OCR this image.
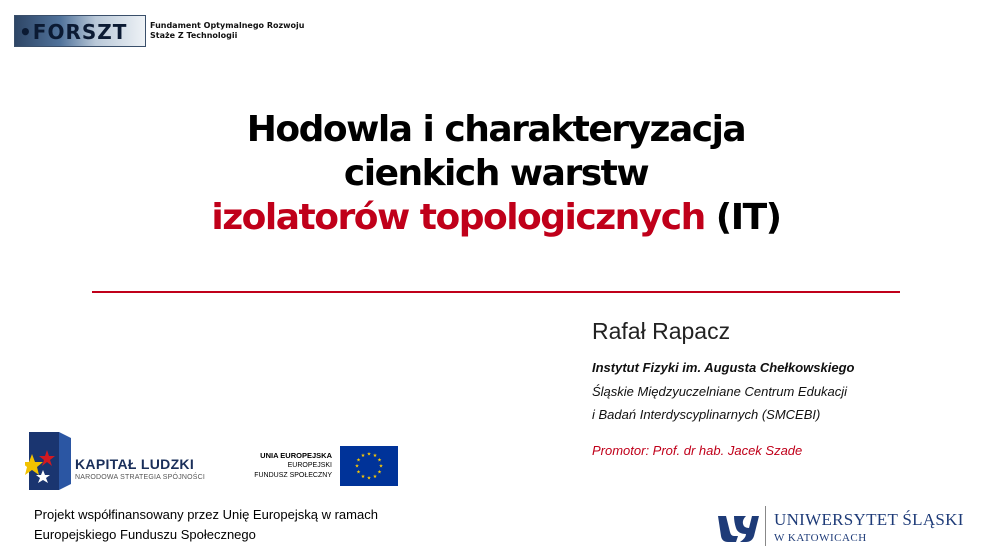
•FORSZT	Fundament Optymalnego Rozwoju
Staże Z Technologii
Hodowla i charakteryzacja
cienkich warstw
izolatorów topologicznych (IT)
Rafał Rapacz
Instytut Fizyki im. Augusta Chełkowskiego
Śląskie Międzyuczelniane Centrum Edukacji
i Badań Interdyscyplinarnych (SMCEBI)
Promotor: Prof. dr hab. Jacek Szade
KAPITAŁ LUDZKI
NARODOWA STRATEGIA SPÓJNOŚCI
UNIA EUROPEJSKA
EUROPEJSKI
FUNDUSZ SPOŁECZNY
★ ★
★
★
★
★
★
★
★
★
★
★
Projekt współfinansowany przez Unię Europejską w ramach
Europejskiego Funduszu Społecznego
UNIWERSYTET ŚLĄSKI
W KATOWICACH
